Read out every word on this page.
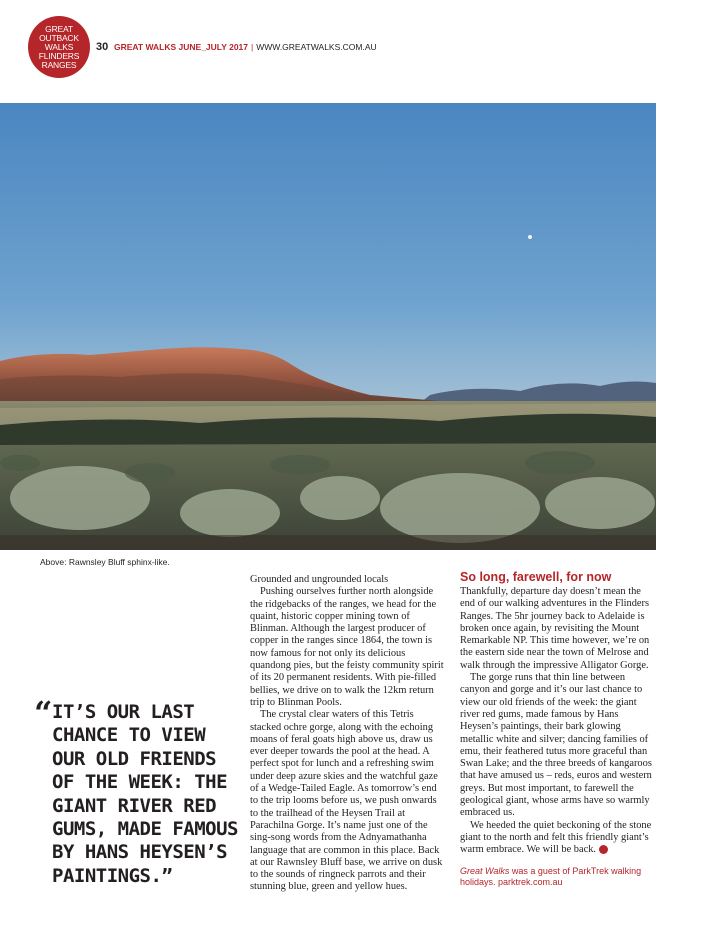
GREAT OUTBACK WALKS FLINDERS RANGES
30 GREAT WALKS JUNE_JULY 2017 | WWW.GREATWALKS.COM.AU
Above: Rawnsley Bluff sphinx-like.
“ IT’S OUR LAST CHANCE TO VIEW OUR OLD FRIENDS OF THE WEEK: THE GIANT RIVER RED GUMS, MADE FAMOUS BY HANS HEYSEN’S PAINTINGS.”

Grounded and ungrounded locals

Pushing ourselves further north alongside the ridgebacks of the ranges, we head for the quaint, historic copper mining town of Blinman. Although the largest producer of copper in the ranges since 1864, the town is now famous for not only its delicious quandong pies, but the feisty community spirit of its 20 permanent residents. With pie-filled bellies, we drive on to walk the 12km return trip to Blinman Pools.

The crystal clear waters of this Tetris stacked ochre gorge, along with the echoing moans of feral goats high above us, draw us ever deeper towards the pool at the head. A perfect spot for lunch and a refreshing swim under deep azure skies and the watchful gaze of a Wedge-Tailed Eagle. As tomorrow’s end to the trip looms before us, we push onwards to the trailhead of the Heysen Trail at Parachilna Gorge. It’s name just one of the sing-song words from the Adnyamathanha language that are common in this place. Back at our Rawnsley Bluff base, we arrive on dusk to the sounds of ringneck parrots and their stunning blue, green and yellow hues.

So long, farewell, for now

Thankfully, departure day doesn’t mean the end of our walking adventures in the Flinders Ranges. The 5hr journey back to Adelaide is broken once again, by revisiting the Mount Remarkable NP. This time however, we’re on the eastern side near the town of Melrose and walk through the impressive Alligator Gorge.

The gorge runs that thin line between canyon and gorge and it’s our last chance to view our old friends of the week: the giant river red gums, made famous by Hans Heysen’s paintings, their bark glowing metallic white and silver; dancing families of emu, their feathered tutus more graceful than Swan Lake; and the three breeds of kangaroos that have amused us – reds, euros and western greys. But most important, to farewell the geological giant, whose arms have so warmly embraced us.

We heeded the quiet beckoning of the stone giant to the north and felt this friendly giant’s warm embrace. We will be back.

Great Walks was a guest of ParkTrek walking holidays. parktrek.com.au
